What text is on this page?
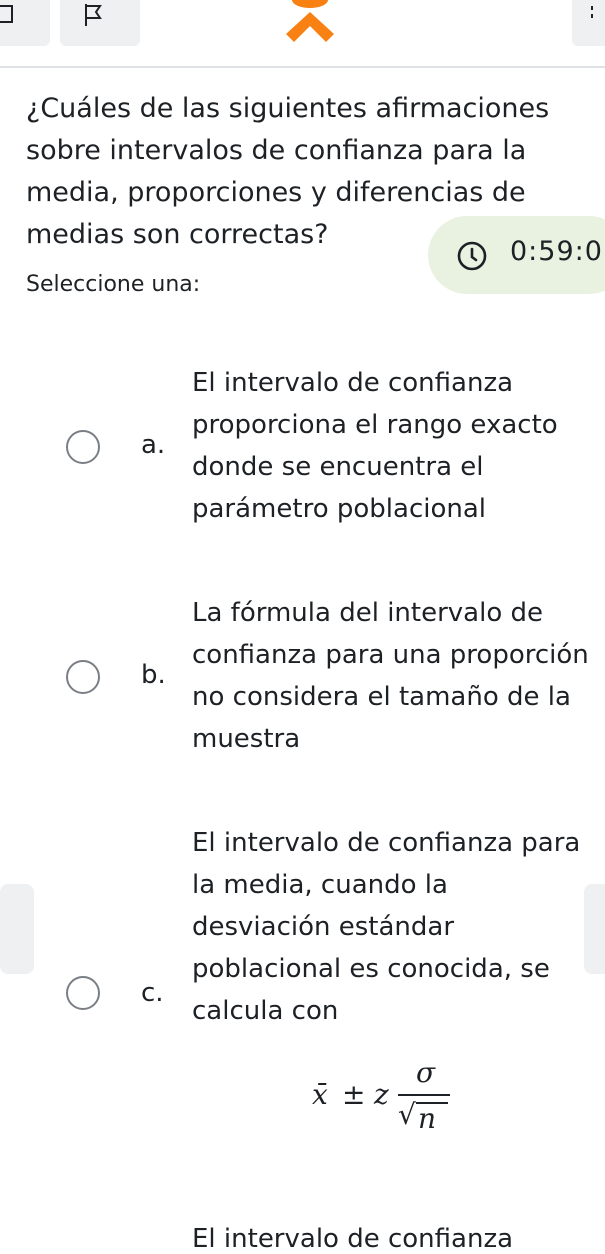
¿Cuáles de las siguientes afirmaciones sobre intervalos de confianza para la media, proporciones y diferencias de medias son correctas?

0:59:0
Seleccione una:
a.
El intervalo de confianza proporciona el rango exacto donde se encuentra el parámetro poblacional
b.
La fórmula del intervalo de confianza para una proporción no considera el tamaño de la muestra
c.
El intervalo de confianza para la media, cuando la desviación estándar poblacional es conocida, se calcula con
x̄ ± z
σ
√ n
El intervalo de confianza
